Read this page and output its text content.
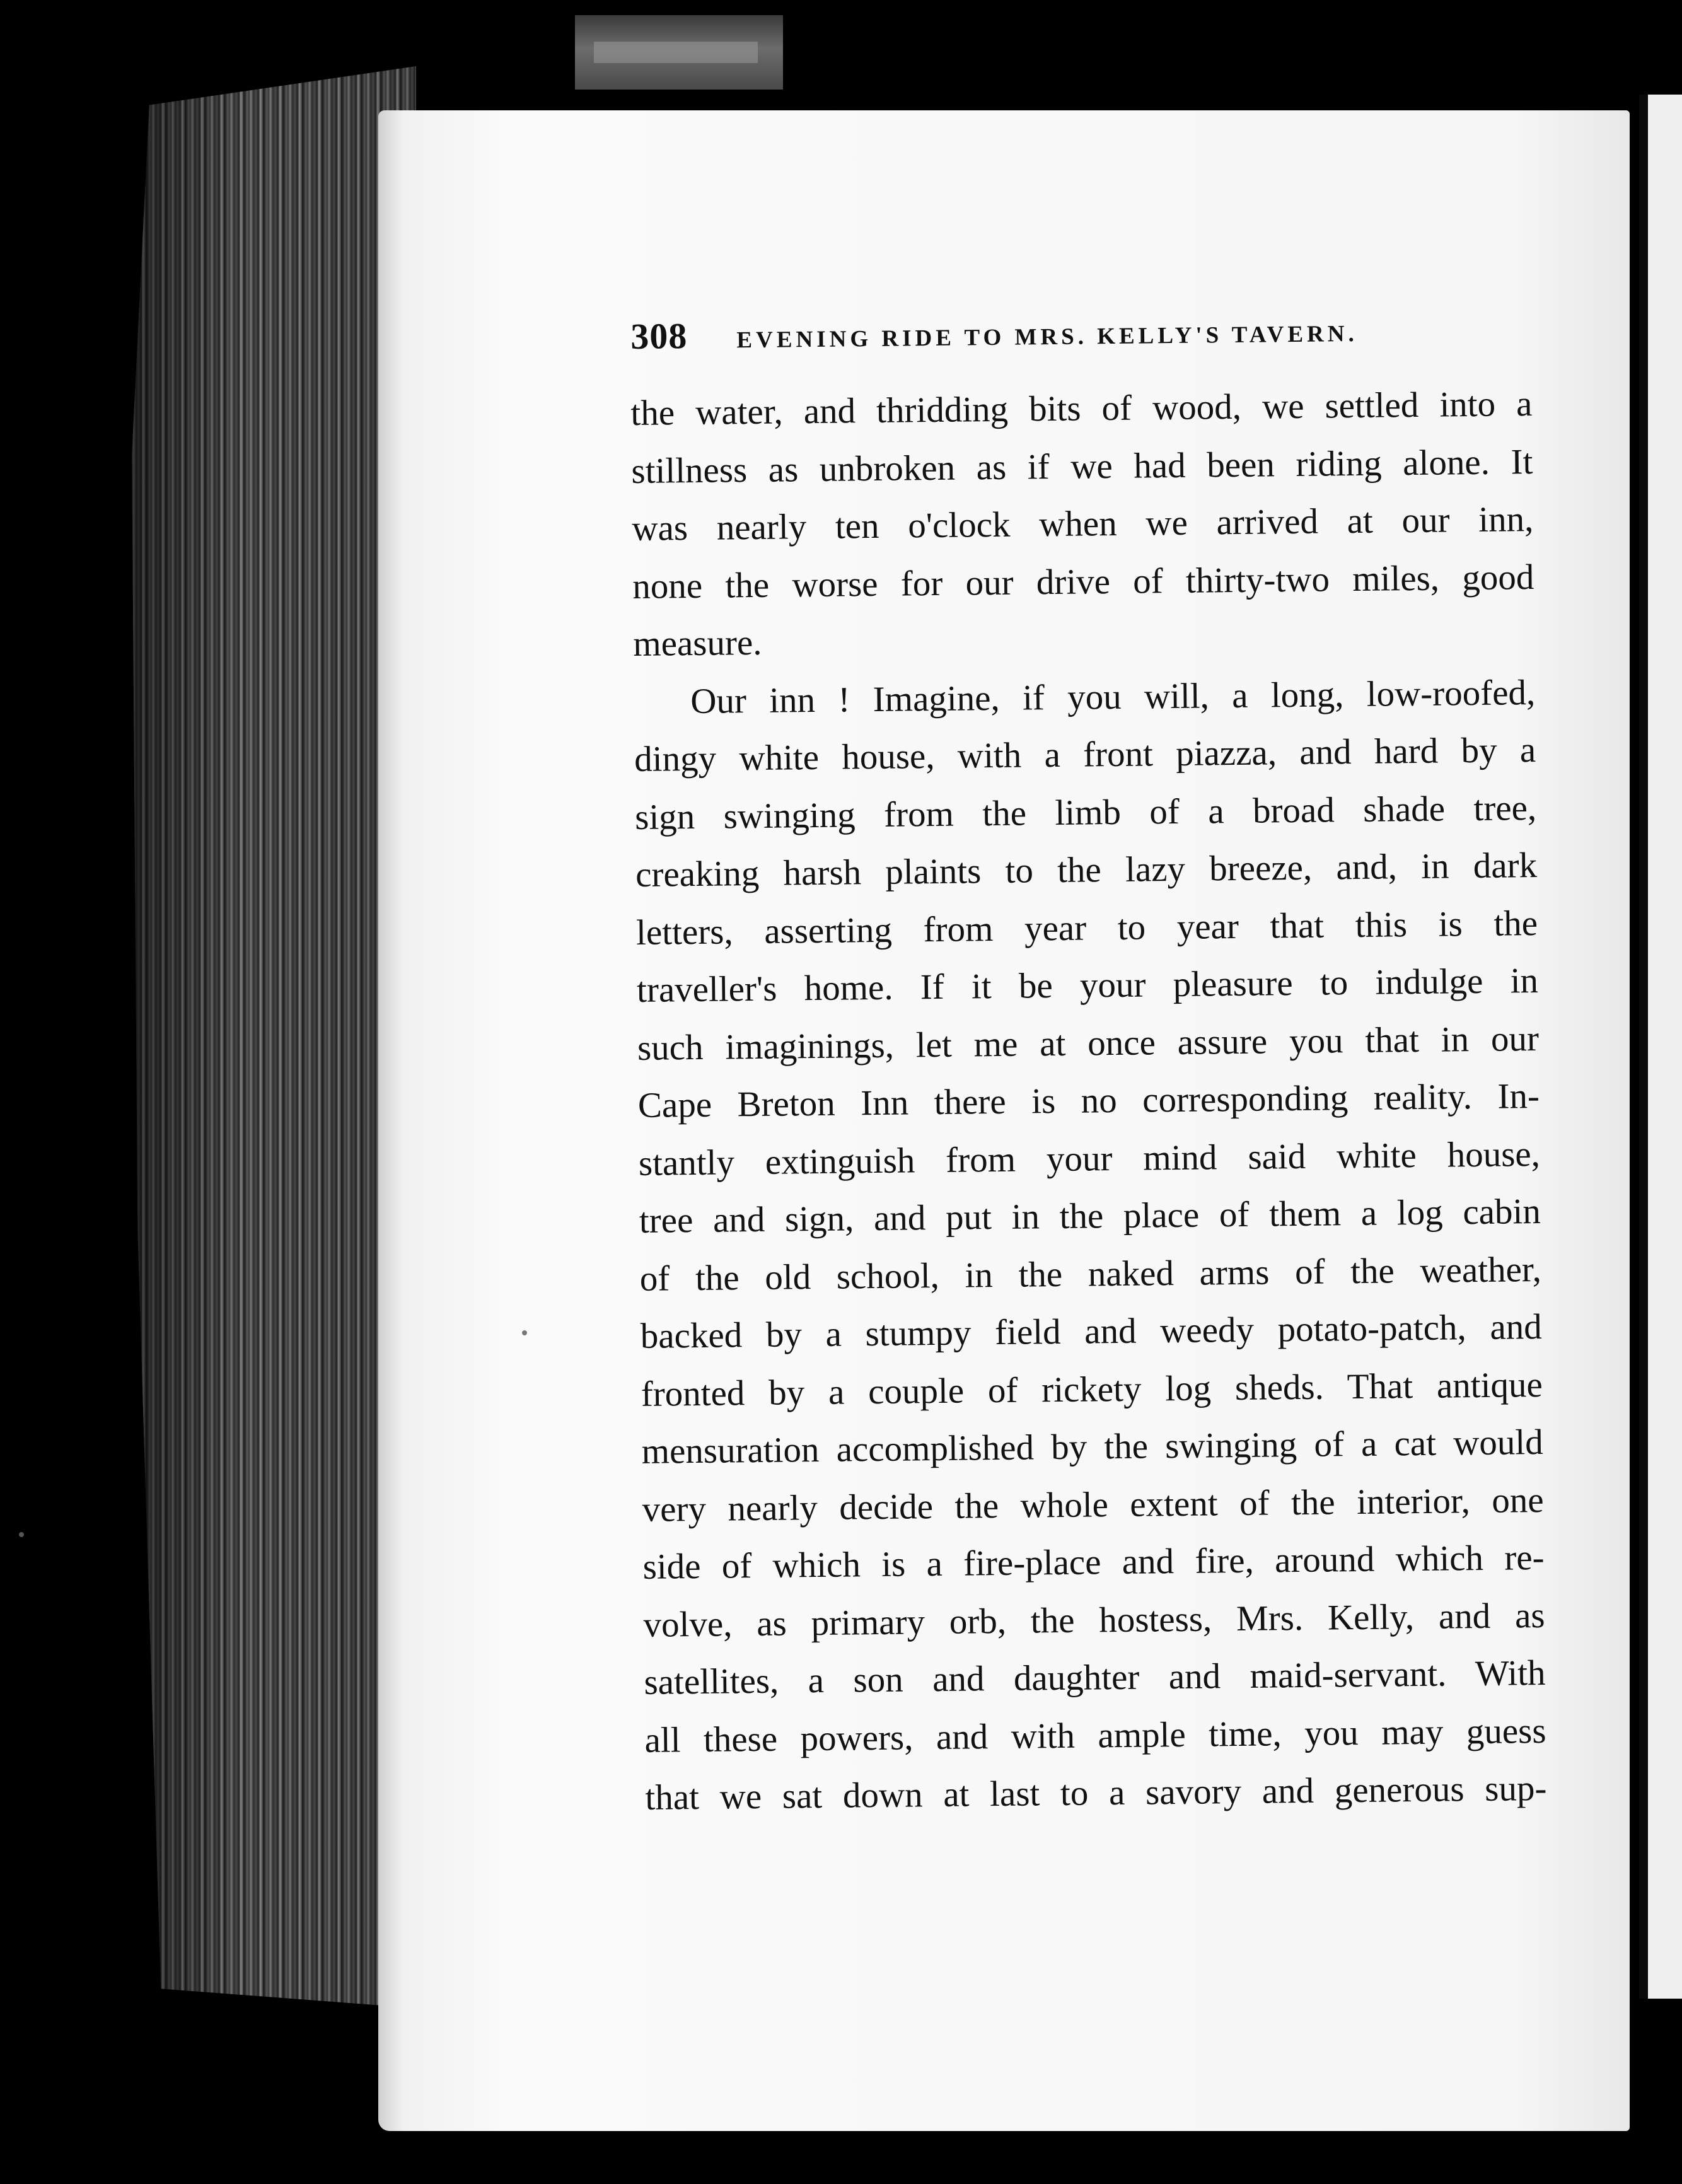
308 EVENING RIDE TO MRS. KELLY'S TAVERN.
the water, and thridding bits of wood, we settled into a
stillness as unbroken as if we had been riding alone. It
was nearly ten o'clock when we arrived at our inn,
none the worse for our drive of thirty-two miles, good
measure.
Our inn ! Imagine, if you will, a long, low-roofed,
dingy white house, with a front piazza, and hard by a
sign swinging from the limb of a broad shade tree,
creaking harsh plaints to the lazy breeze, and, in dark
letters, asserting from year to year that this is the
traveller's home. If it be your pleasure to indulge in
such imaginings, let me at once assure you that in our
Cape Breton Inn there is no corresponding reality. In-
stantly extinguish from your mind said white house,
tree and sign, and put in the place of them a log cabin
of the old school, in the naked arms of the weather,
backed by a stumpy field and weedy potato-patch, and
fronted by a couple of rickety log sheds. That antique
mensuration accomplished by the swinging of a cat would
very nearly decide the whole extent of the interior, one
side of which is a fire-place and fire, around which re-
volve, as primary orb, the hostess, Mrs. Kelly, and as
satellites, a son and daughter and maid-servant. With
all these powers, and with ample time, you may guess
that we sat down at last to a savory and generous sup-
